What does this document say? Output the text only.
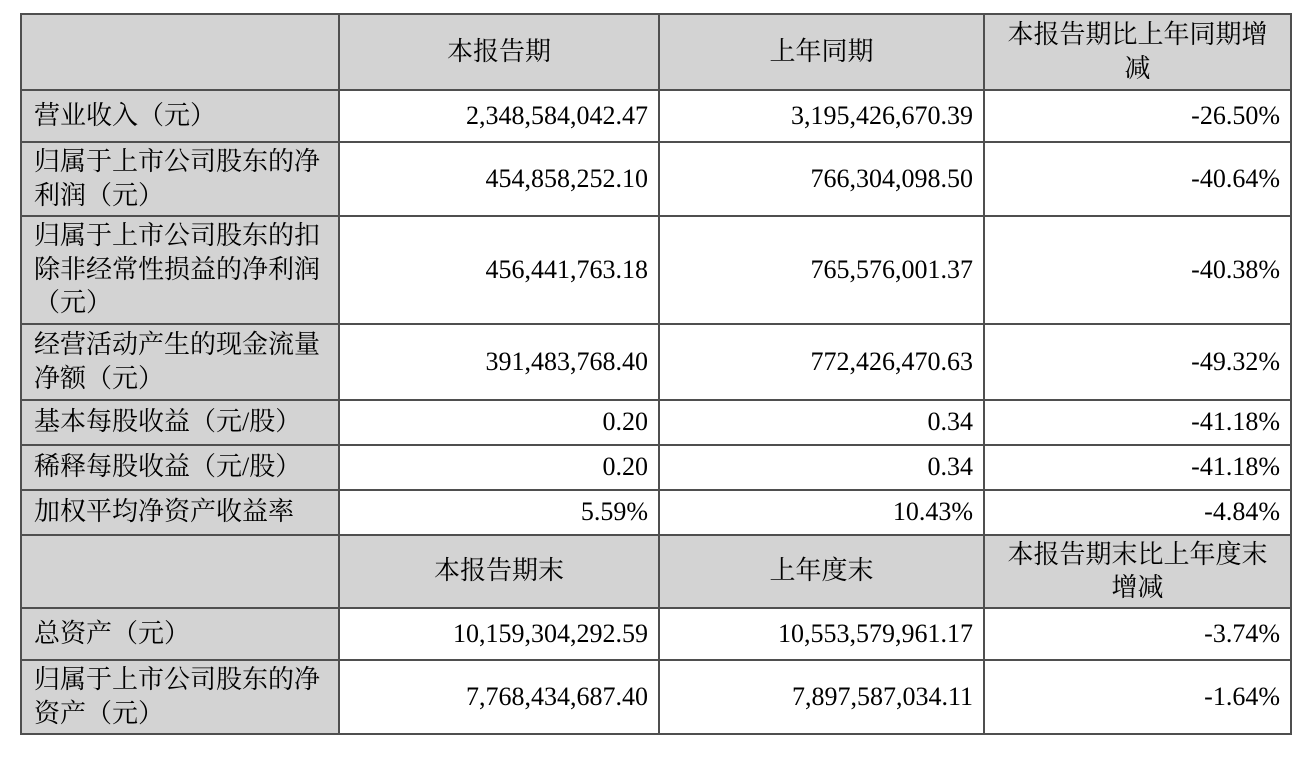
	本报告期	上年同期	本报告期比上年同期增减
营业收入（元）	2,348,584,042.47	3,195,426,670.39	-26.50%
归属于上市公司股东的净利润（元）	454,858,252.10	766,304,098.50	-40.64%
归属于上市公司股东的扣除非经常性损益的净利润（元）	456,441,763.18	765,576,001.37	-40.38%
经营活动产生的现金流量净额（元）	391,483,768.40	772,426,470.63	-49.32%
基本每股收益（元/股）	0.20	0.34	-41.18%
稀释每股收益（元/股）	0.20	0.34	-41.18%
加权平均净资产收益率	5.59%	10.43%	-4.84%
	本报告期末	上年度末	本报告期末比上年度末增减
总资产（元）	10,159,304,292.59	10,553,579,961.17	-3.74%
归属于上市公司股东的净资产（元）	7,768,434,687.40	7,897,587,034.11	-1.64%
